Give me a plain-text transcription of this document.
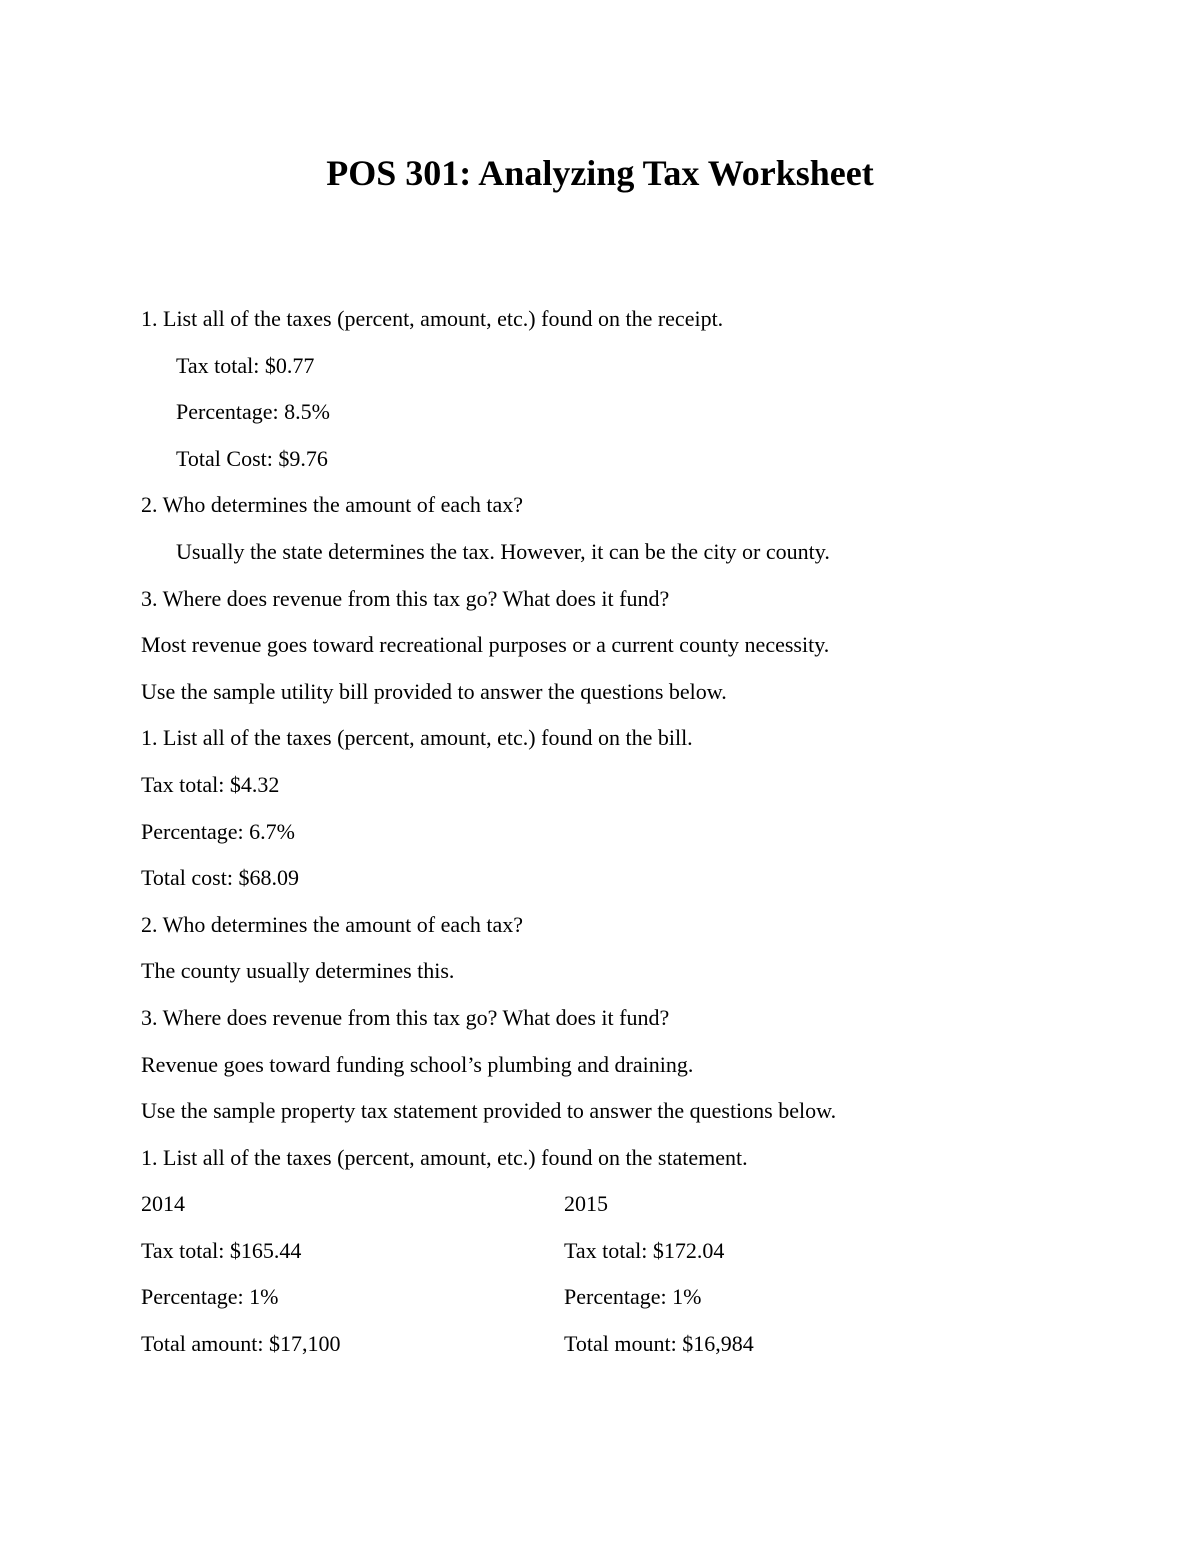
POS 301: Analyzing Tax Worksheet
1. List all of the taxes (percent, amount, etc.) found on the receipt.
Tax total: $0.77
Percentage: 8.5%
Total Cost: $9.76
2. Who determines the amount of each tax?
Usually the state determines the tax. However, it can be the city or county.
3. Where does revenue from this tax go? What does it fund?
Most revenue goes toward recreational purposes or a current county necessity.
Use the sample utility bill provided to answer the questions below.
1. List all of the taxes (percent, amount, etc.) found on the bill.
Tax total: $4.32
Percentage: 6.7%
Total cost: $68.09
2. Who determines the amount of each tax?
The county usually determines this.
3. Where does revenue from this tax go? What does it fund?
Revenue goes toward funding school’s plumbing and draining.
Use the sample property tax statement provided to answer the questions below.
1. List all of the taxes (percent, amount, etc.) found on the statement.
2014
Tax total: $165.44
Percentage: 1%
Total amount: $17,100
2015
Tax total: $172.04
Percentage: 1%
Total mount: $16,984
